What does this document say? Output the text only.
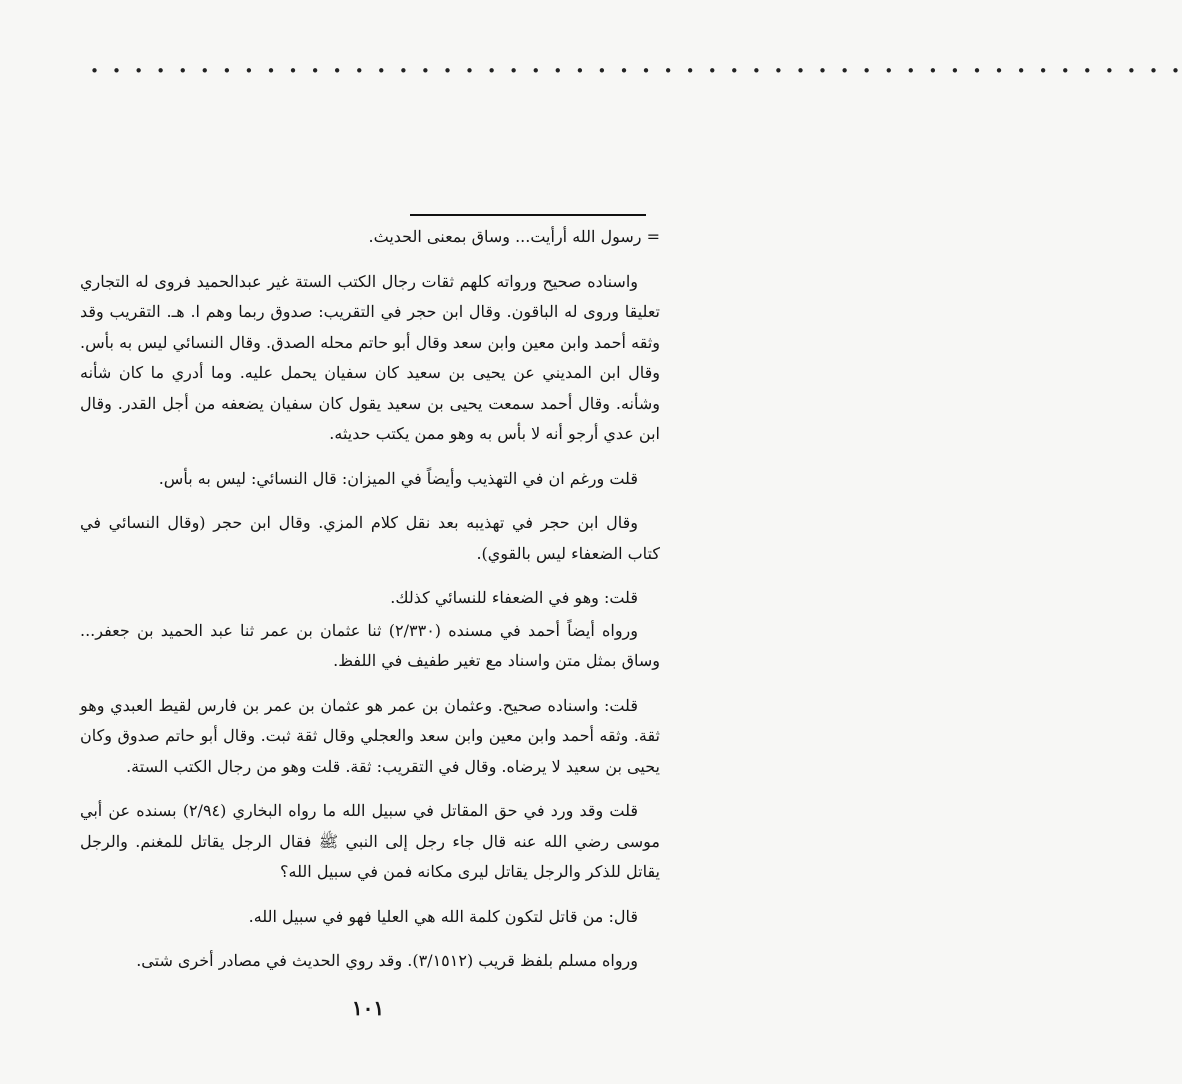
• • • • • • • • • • • • • • • • • • • • • • • • • • • • • • • • • • • • • • • • • • • • • • • • • •

= رسول الله أرأيت... وساق بمعنى الحديث.

واسناده صحيح ورواته كلهم ثقات رجال الكتب الستة غير عبدالحميد فروى له التجاري تعليقا وروى له الباقون. وقال ابن حجر في التقريب: صدوق ربما وهم ا. هـ. التقريب وقد وثقه أحمد وابن معين وابن سعد وقال أبو حاتم محله الصدق. وقال النسائي ليس به بأس. وقال ابن المديني عن يحيى بن سعيد كان سفيان يحمل عليه. وما أدري ما كان شأنه وشأنه. وقال أحمد سمعت يحيى بن سعيد يقول كان سفيان يضعفه من أجل القدر. وقال ابن عدي أرجو أنه لا بأس به وهو ممن يكتب حديثه.

قلت ورغم ان في التهذيب وأيضاً في الميزان: قال النسائي: ليس به بأس.

وقال ابن حجر في تهذيبه بعد نقل كلام المزي. وقال ابن حجر (وقال النسائي في كتاب الضعفاء ليس بالقوي).

قلت: وهو في الضعفاء للنسائي كذلك.

ورواه أيضاً أحمد في مسنده (٢/٣٣٠) ثنا عثمان بن عمر ثنا عبد الحميد بن جعفر... وساق بمثل متن واسناد مع تغير طفيف في اللفظ.

قلت: واسناده صحيح. وعثمان بن عمر هو عثمان بن عمر بن فارس لقيط العبدي وهو ثقة. وثقه أحمد وابن معين وابن سعد والعجلي وقال ثقة ثبت. وقال أبو حاتم صدوق وكان يحيى بن سعيد لا يرضاه. وقال في التقريب: ثقة. قلت وهو من رجال الكتب الستة.

قلت وقد ورد في حق المقاتل في سبيل الله ما رواه البخاري (٢/٩٤) بسنده عن أبي موسى رضي الله عنه قال جاء رجل إلى النبي ﷺ فقال الرجل يقاتل للمغنم. والرجل يقاتل للذكر والرجل يقاتل ليرى مكانه فمن في سبيل الله؟

قال: من قاتل لتكون كلمة الله هي العليا فهو في سبيل الله.

ورواه مسلم بلفظ قريب (٣/١٥١٢). وقد روي الحديث في مصادر أخرى شتى.

١٠١
